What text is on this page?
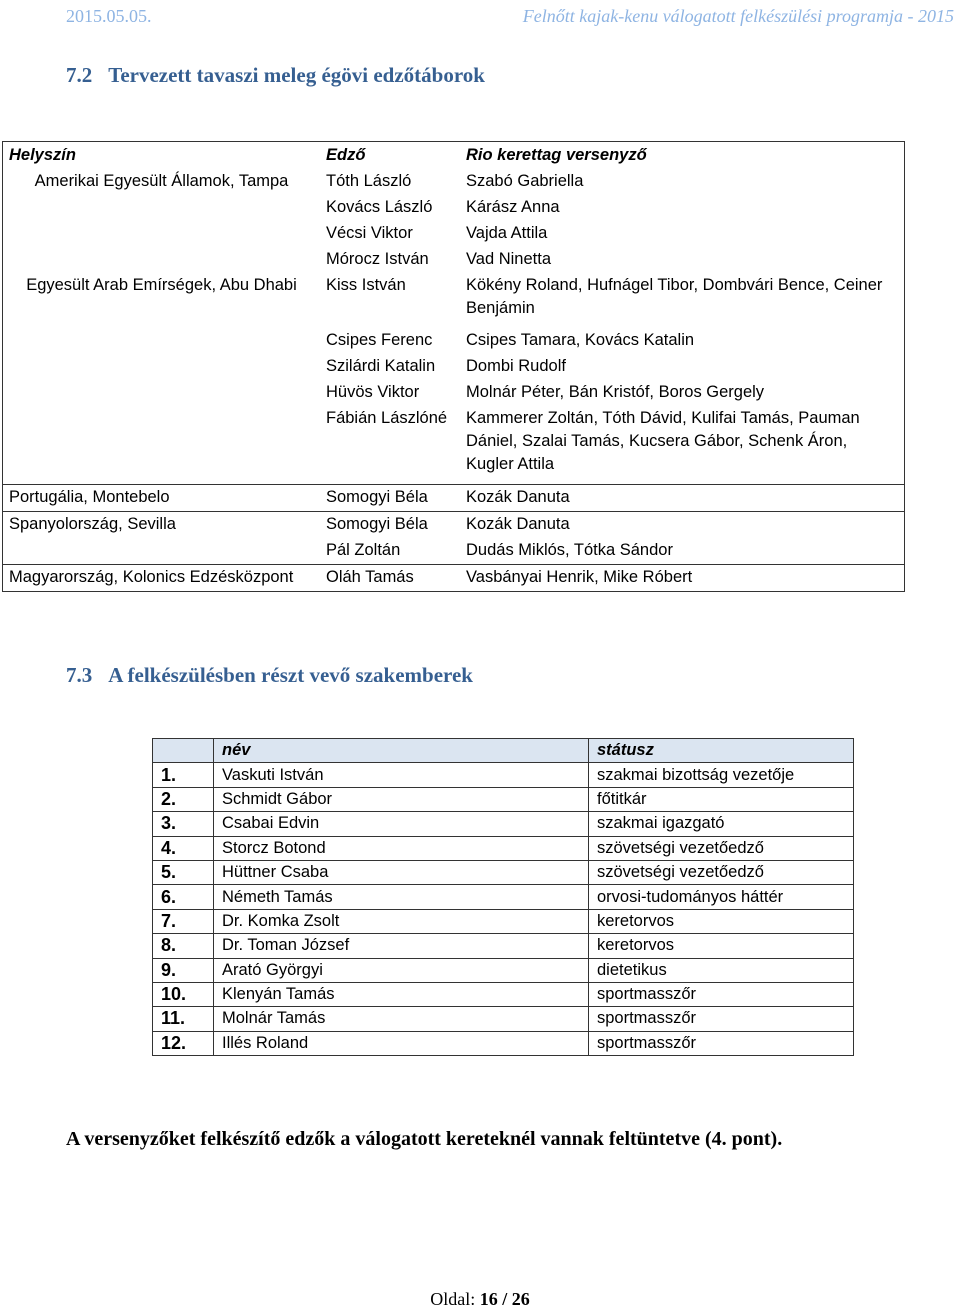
2015.05.05.	Felnőtt kajak-kenu válogatott felkészülési programja - 2015
7.2 Tervezett tavaszi meleg égövi edzőtáborok
Helyszín	Edző	Rio kerettag versenyző
Amerikai Egyesült Államok, Tampa	Tóth László	Szabó Gabriella
	Kovács László	Kárász Anna
	Vécsi Viktor	Vajda Attila
	Mórocz István	Vad Ninetta
Egyesült Arab Emírségek, Abu Dhabi	Kiss István	Kökény Roland, Hufnágel Tibor, Dombvári Bence, Ceiner Benjámin

	Csipes Ferenc	Csipes Tamara, Kovács Katalin
	Szilárdi Katalin	Dombi Rudolf
	Hüvös Viktor	Molnár Péter, Bán Kristóf, Boros Gergely
	Fábián Lászlóné	Kammerer Zoltán, Tóth Dávid, Kulifai Tamás, Pauman Dániel, Szalai Tamás, Kucsera Gábor, Schenk Áron, Kugler Attila

Portugália, Montebelo	Somogyi Béla	Kozák Danuta
Spanyolország, Sevilla	Somogyi Béla	Kozák Danuta
	Pál Zoltán	Dudás Miklós, Tótka Sándor
Magyarország, Kolonics Edzésközpont	Oláh Tamás	Vasbányai Henrik, Mike Róbert
7.3 A felkészülésben részt vevő szakemberek
	név	státusz
1.	Vaskuti István	szakmai bizottság vezetője
2.	Schmidt Gábor	főtitkár
3.	Csabai Edvin	szakmai igazgató
4.	Storcz Botond	szövetségi vezetőedző
5.	Hüttner Csaba	szövetségi vezetőedző
6.	Németh Tamás	orvosi-tudományos háttér
7.	Dr. Komka Zsolt	keretorvos
8.	Dr. Toman József	keretorvos
9.	Arató Györgyi	dietetikus
10.	Klenyán Tamás	sportmasszőr
11.	Molnár Tamás	sportmasszőr
12.	Illés Roland	sportmasszőr
A versenyzőket felkészítő edzők a válogatott kereteknél vannak feltüntetve (4. pont).
Oldal: 16 / 26
